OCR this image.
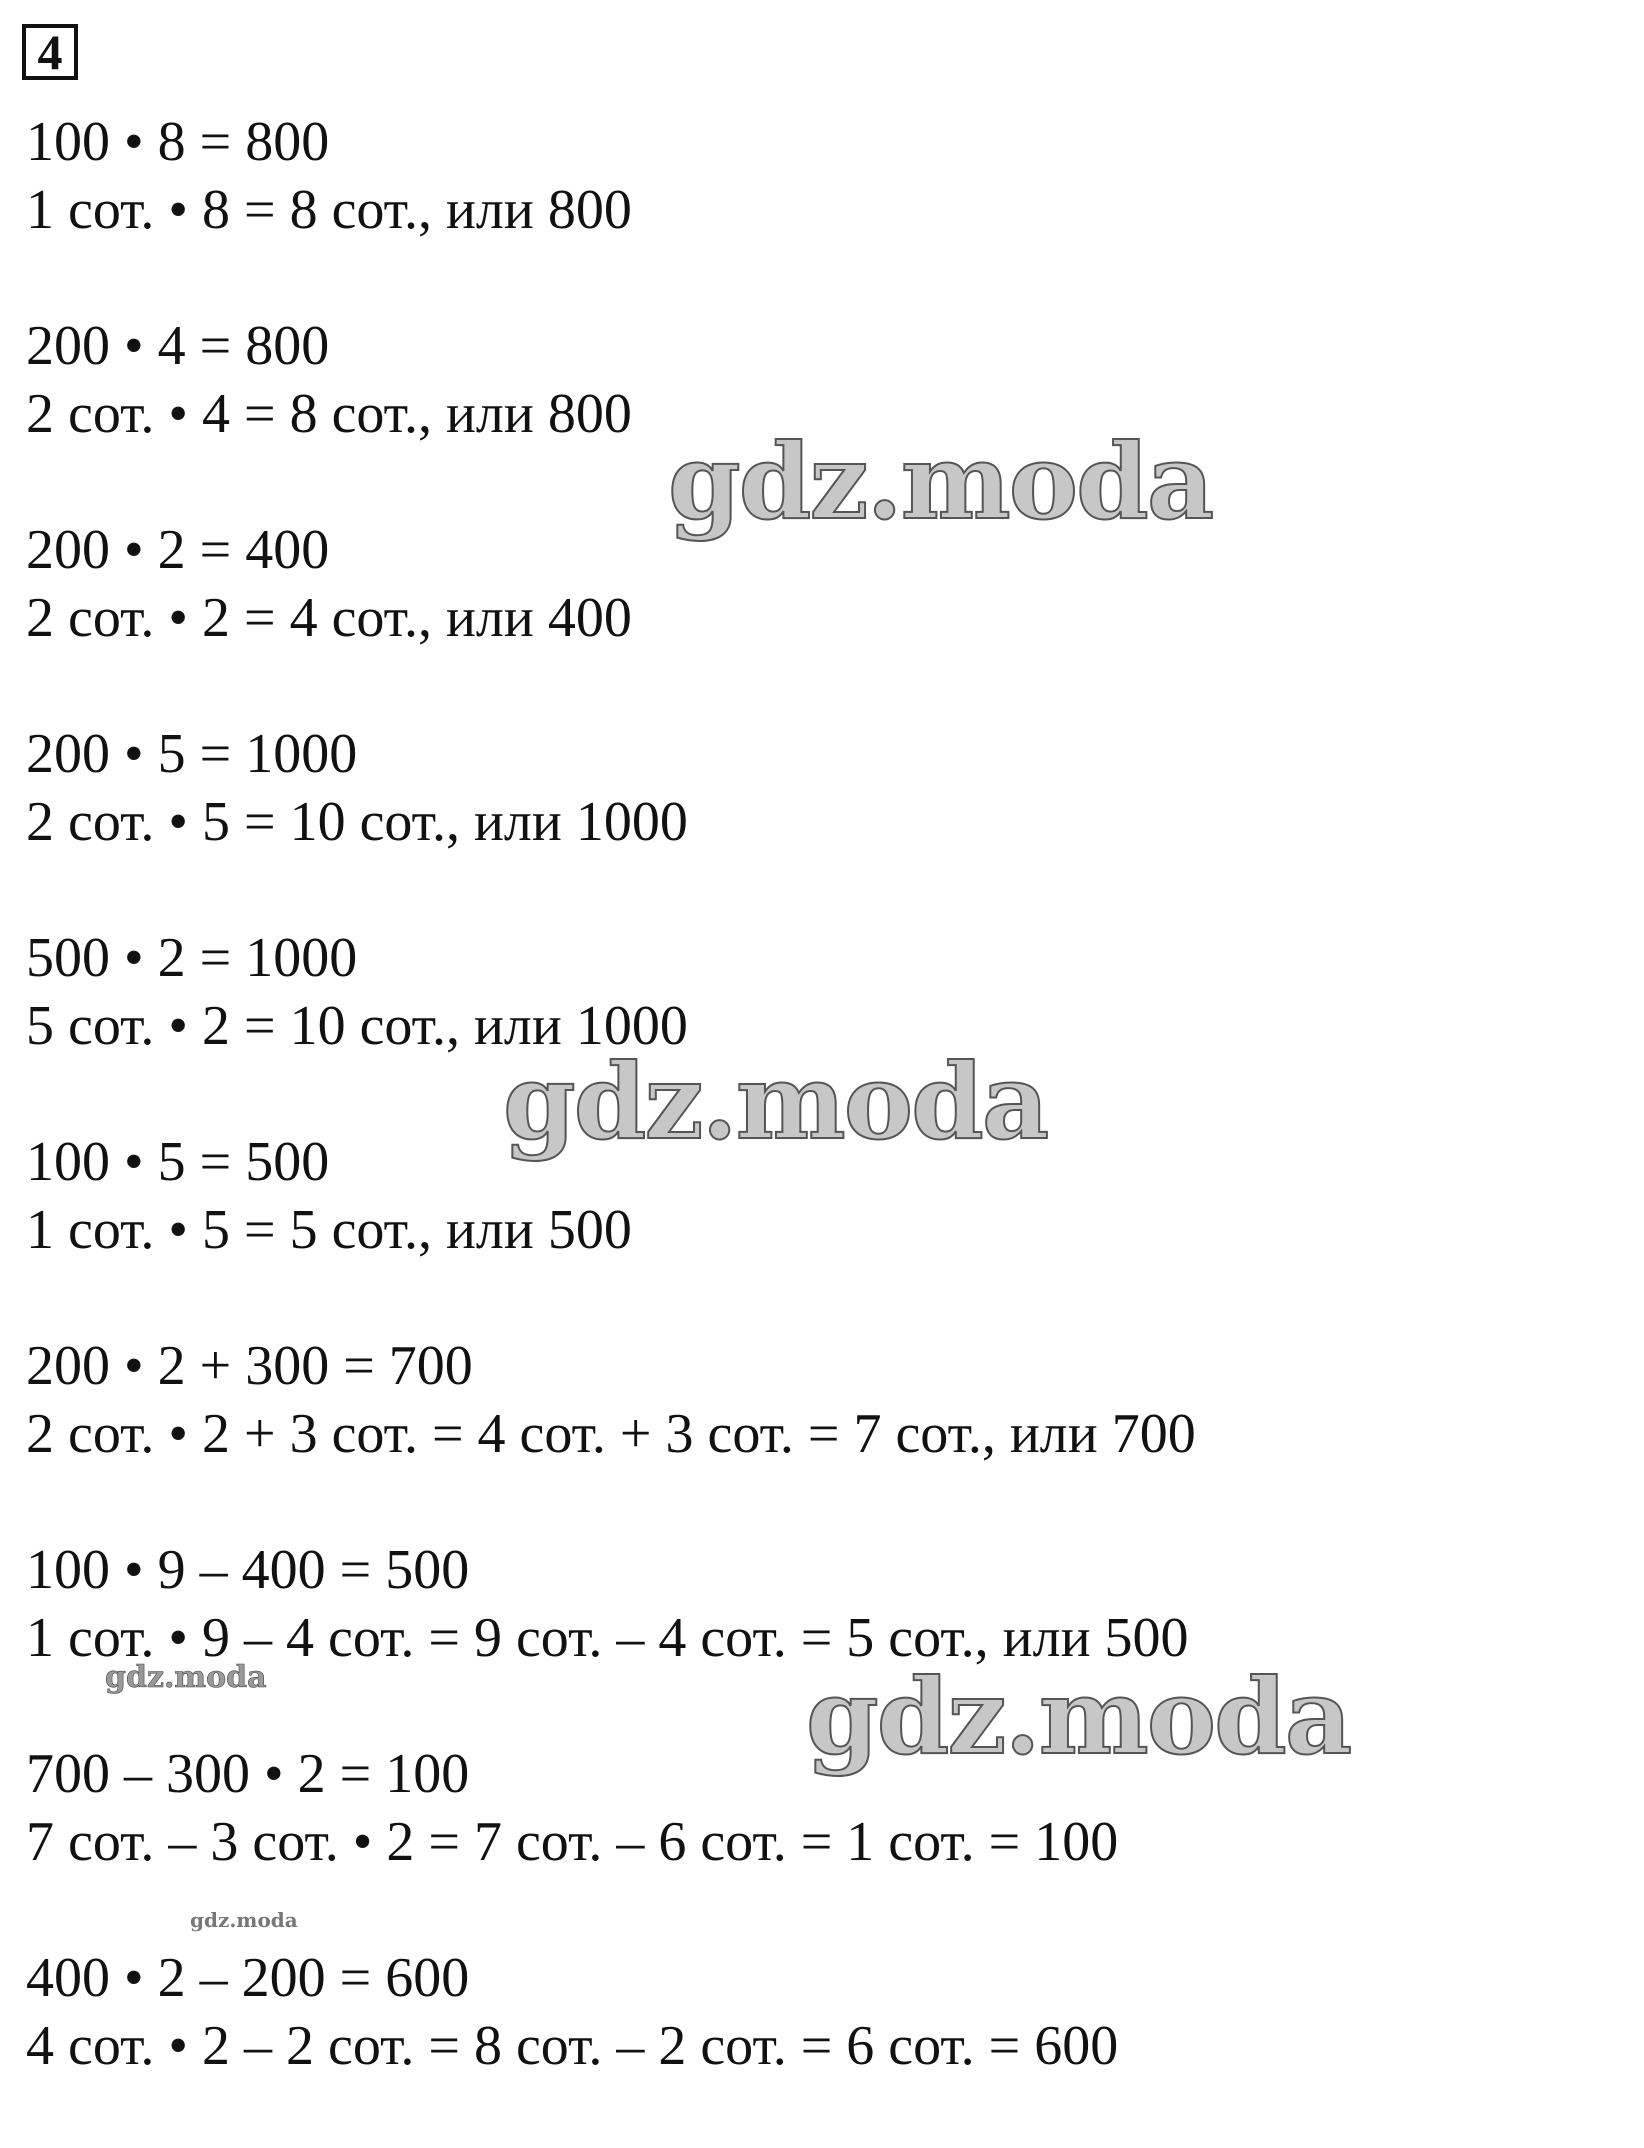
4
100 • 8 = 800
1 сот. • 8 = 8 сот., или 800
200 • 4 = 800
2 сот. • 4 = 8 сот., или 800
200 • 2 = 400
2 сот. • 2 = 4 сот., или 400
200 • 5 = 1000
2 сот. • 5 = 10 сот., или 1000
500 • 2 = 1000
5 сот. • 2 = 10 сот., или 1000
100 • 5 = 500
1 сот. • 5 = 5 сот., или 500
200 • 2 + 300 = 700
2 сот. • 2 + 3 сот. = 4 сот. + 3 сот. = 7 сот., или 700
100 • 9 – 400 = 500
1 сот. • 9 – 4 сот. = 9 сот. – 4 сот. = 5 сот., или 500
700 – 300 • 2 = 100
7 сот. – 3 сот. • 2 = 7 сот. – 6 сот. = 1 сот. = 100
400 • 2 – 200 = 600
4 сот. • 2 – 2 сот. = 8 сот. – 2 сот. = 6 сот. = 600
gdz.moda
gdz.moda
gdz.moda
gdz.moda
gdz.moda
